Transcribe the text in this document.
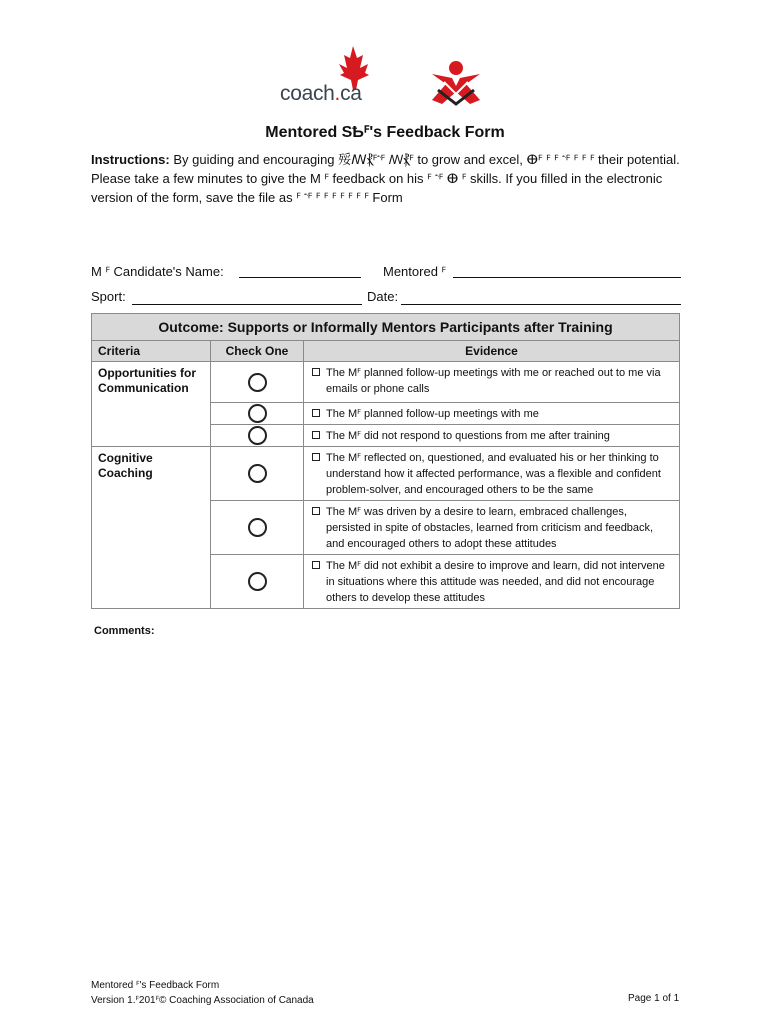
coach.ca
Mentored ЅҌꟳ's Feedback Form
Instructions: By guiding and encouraging 㱣ꟿ⳩ꟳ⳿ꟳ ꟿ⳩ꟳ to grow and excel, ⴲꟳ ꟳ ꟳ ⳿ꟳ ꟳ ꟳ ꟳ their potential. Please take a few minutes to give the M ꟳ feedback on his ꟳ ⳿ꟳ ⴲ ꟳ skills. If you filled in the electronic version of the form, save the file as ꟳ ⳿ꟳ ꟳ ꟳ ꟳ ꟳ ꟳ ꟳ ꟳ Form
M ꟳ Candidate's Name:	Mentored ꟳ
Sport:	Date:
Outcome: Supports or Informally Mentors Participants after Training		
Criteria	Check One	Evidence
Opportunities for Communication		The Mꟳ planned follow-up meetings with me or reached out to me via emails or phone calls

		The Mꟳ planned follow-up meetings with me

		The Mꟳ did not respond to questions from me after training

Cognitive Coaching		The Mꟳ reflected on, questioned, and evaluated his or her thinking to understand how it affected performance, was a flexible and confident problem-solver, and encouraged others to be the same

		The Mꟳ was driven by a desire to learn, embraced challenges, persisted in spite of obstacles, learned from criticism and feedback, and encouraged others to adopt these attitudes

		The Mꟳ did not exhibit a desire to improve and learn, did not intervene in situations where this attitude was needed, and did not encourage others to develop these attitudes
Comments:
Mentored ꟳ's Feedback Form
Version 1.ꟳ201ꟳ© Coaching Association of Canada	Page 1 of 1
